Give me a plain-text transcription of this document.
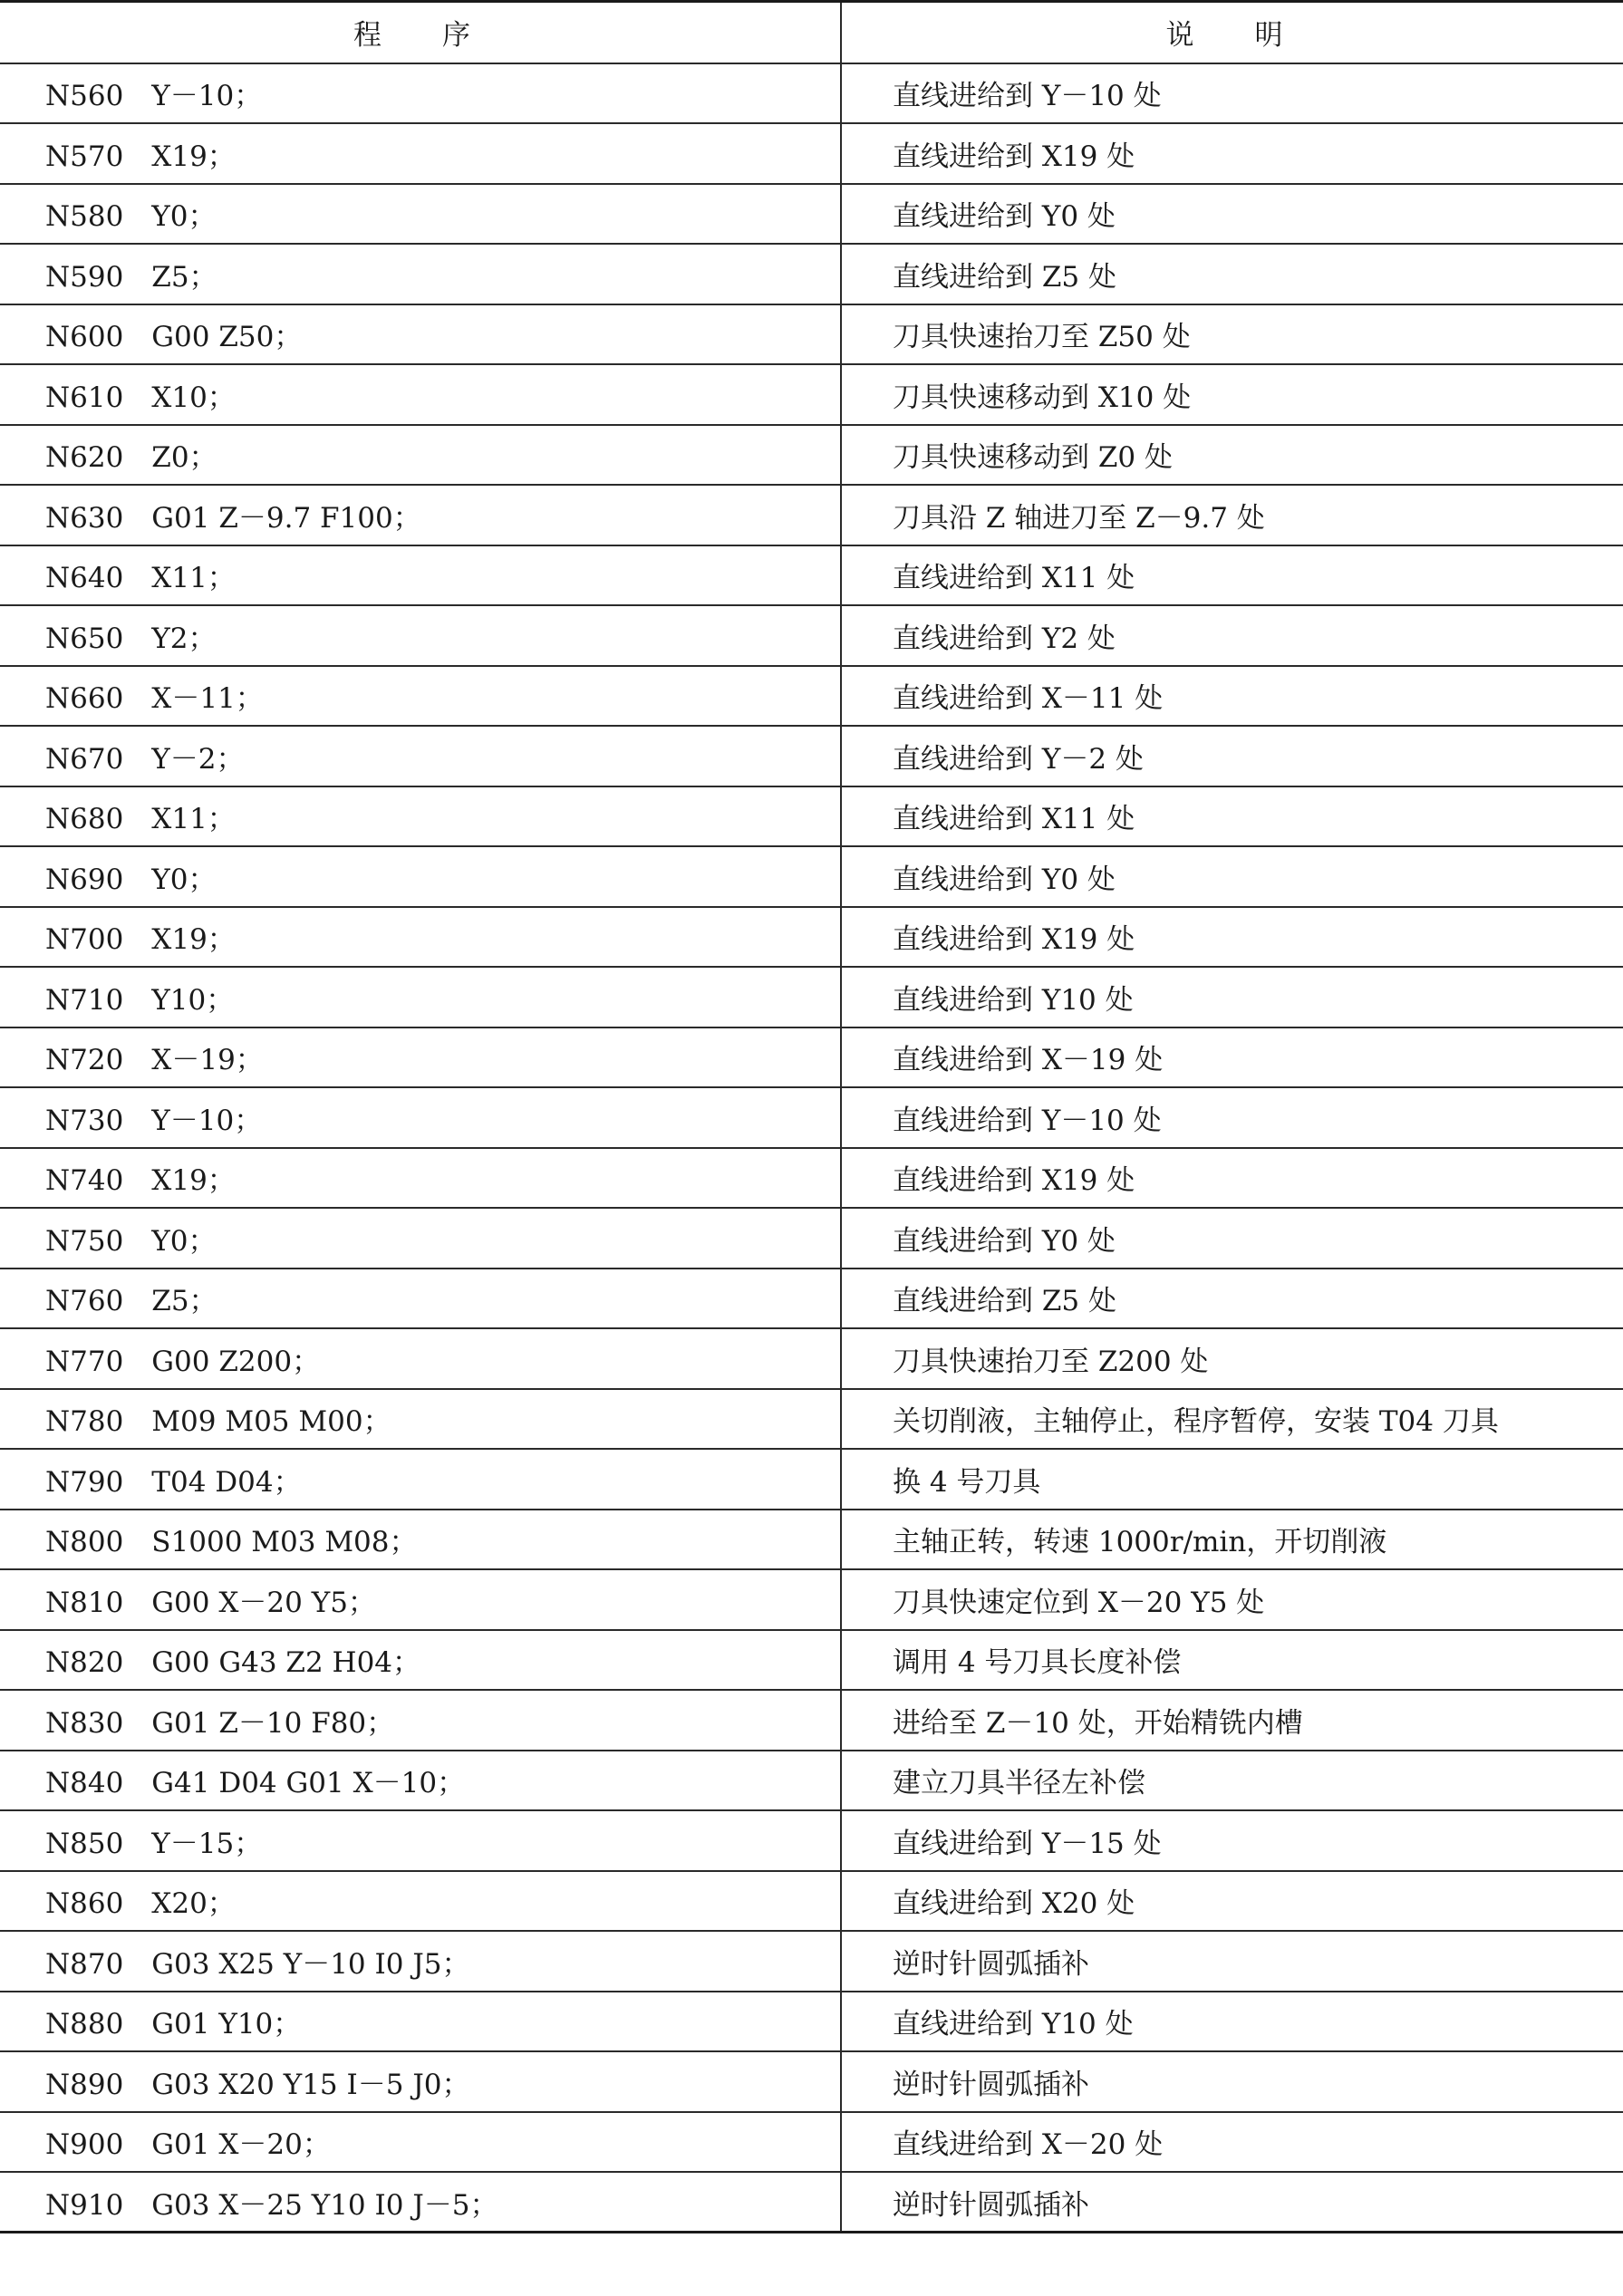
程　序	说　明
N560　Y－10；	直线进给到 Y－10 处
N570　X19；	直线进给到 X19 处
N580　Y0；	直线进给到 Y0 处
N590　Z5；	直线进给到 Z5 处
N600　G00 Z50；	刀具快速抬刀至 Z50 处
N610　X10；	刀具快速移动到 X10 处
N620　Z0；	刀具快速移动到 Z0 处
N630　G01 Z－9.7 F100；	刀具沿 Z 轴进刀至 Z－9.7 处
N640　X11；	直线进给到 X11 处
N650　Y2；	直线进给到 Y2 处
N660　X－11；	直线进给到 X－11 处
N670　Y－2；	直线进给到 Y－2 处
N680　X11；	直线进给到 X11 处
N690　Y0；	直线进给到 Y0 处
N700　X19；	直线进给到 X19 处
N710　Y10；	直线进给到 Y10 处
N720　X－19；	直线进给到 X－19 处
N730　Y－10；	直线进给到 Y－10 处
N740　X19；	直线进给到 X19 处
N750　Y0；	直线进给到 Y0 处
N760　Z5；	直线进给到 Z5 处
N770　G00 Z200；	刀具快速抬刀至 Z200 处
N780　M09 M05 M00；	关切削液，主轴停止，程序暂停，安装 T04 刀具
N790　T04 D04；	换 4 号刀具
N800　S1000 M03 M08；	主轴正转，转速 1000r/min，开切削液
N810　G00 X－20 Y5；	刀具快速定位到 X－20 Y5 处
N820　G00 G43 Z2 H04；	调用 4 号刀具长度补偿
N830　G01 Z－10 F80；	进给至 Z－10 处，开始精铣内槽
N840　G41 D04 G01 X－10；	建立刀具半径左补偿
N850　Y－15；	直线进给到 Y－15 处
N860　X20；	直线进给到 X20 处
N870　G03 X25 Y－10 I0 J5；	逆时针圆弧插补
N880　G01 Y10；	直线进给到 Y10 处
N890　G03 X20 Y15 I－5 J0；	逆时针圆弧插补
N900　G01 X－20；	直线进给到 X－20 处
N910　G03 X－25 Y10 I0 J－5；	逆时针圆弧插补
